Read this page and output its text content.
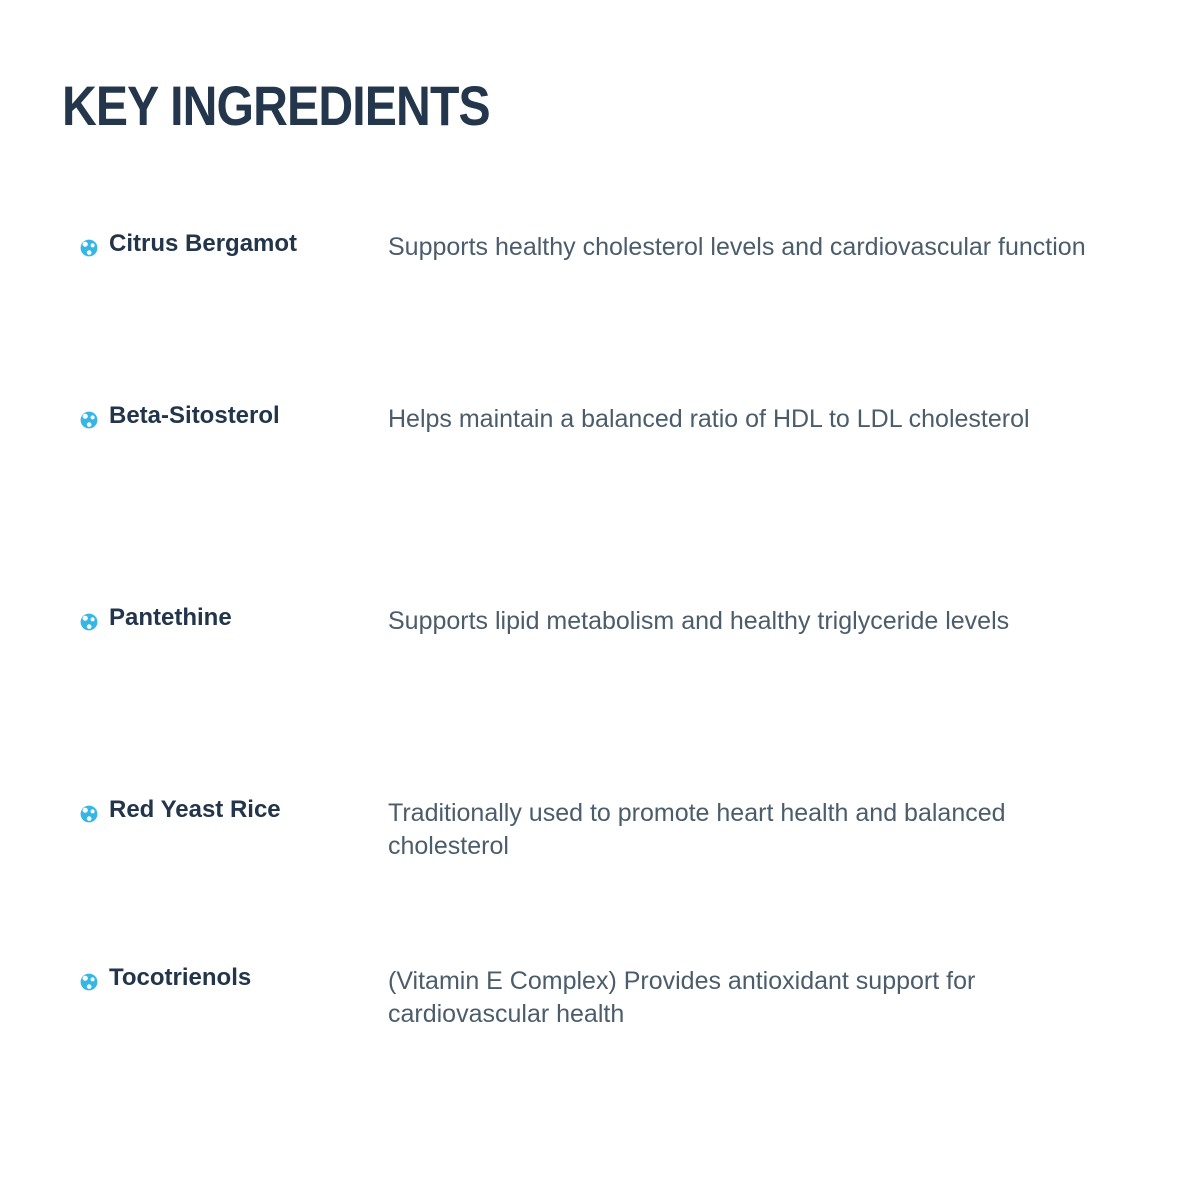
KEY INGREDIENTS
Citrus Bergamot	Supports healthy cholesterol levels and cardiovascular function
Beta-Sitosterol	Helps maintain a balanced ratio of HDL to LDL cholesterol
Pantethine	Supports lipid metabolism and healthy triglyceride levels
Red Yeast Rice	Traditionally used to promote heart health and balanced cholesterol
Tocotrienols	(Vitamin E Complex) Provides antioxidant support for cardiovascular health
